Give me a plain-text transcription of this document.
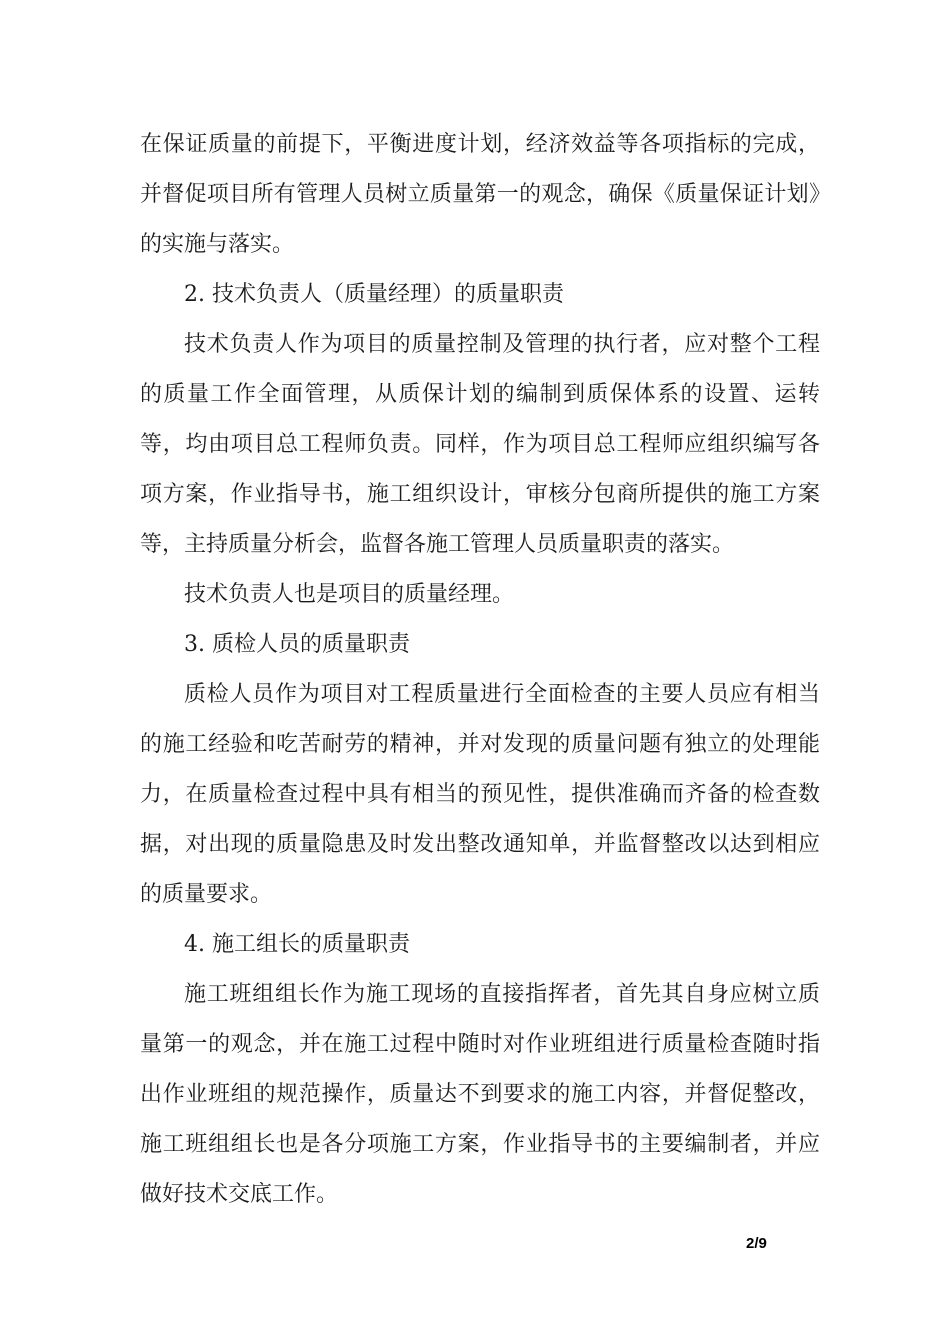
在保证质量的前提下，平衡进度计划，经济效益等各项指标的完成，并督促项目所有管理人员树立质量第一的观念，确保《质量保证计划》的实施与落实。

2. 技术负责人（质量经理）的质量职责

技术负责人作为项目的质量控制及管理的执行者，应对整个工程的质量工作全面管理，从质保计划的编制到质保体系的设置、运转等，均由项目总工程师负责。同样，作为项目总工程师应组织编写各项方案，作业指导书，施工组织设计，审核分包商所提供的施工方案等，主持质量分析会，监督各施工管理人员质量职责的落实。

技术负责人也是项目的质量经理。

3. 质检人员的质量职责

质检人员作为项目对工程质量进行全面检查的主要人员应有相当的施工经验和吃苦耐劳的精神，并对发现的质量问题有独立的处理能力，在质量检查过程中具有相当的预见性，提供准确而齐备的检查数据，对出现的质量隐患及时发出整改通知单，并监督整改以达到相应的质量要求。

4. 施工组长的质量职责

施工班组组长作为施工现场的直接指挥者，首先其自身应树立质量第一的观念，并在施工过程中随时对作业班组进行质量检查随时指出作业班组的规范操作，质量达不到要求的施工内容，并督促整改，施工班组组长也是各分项施工方案，作业指导书的主要编制者，并应做好技术交底工作。

2/9
